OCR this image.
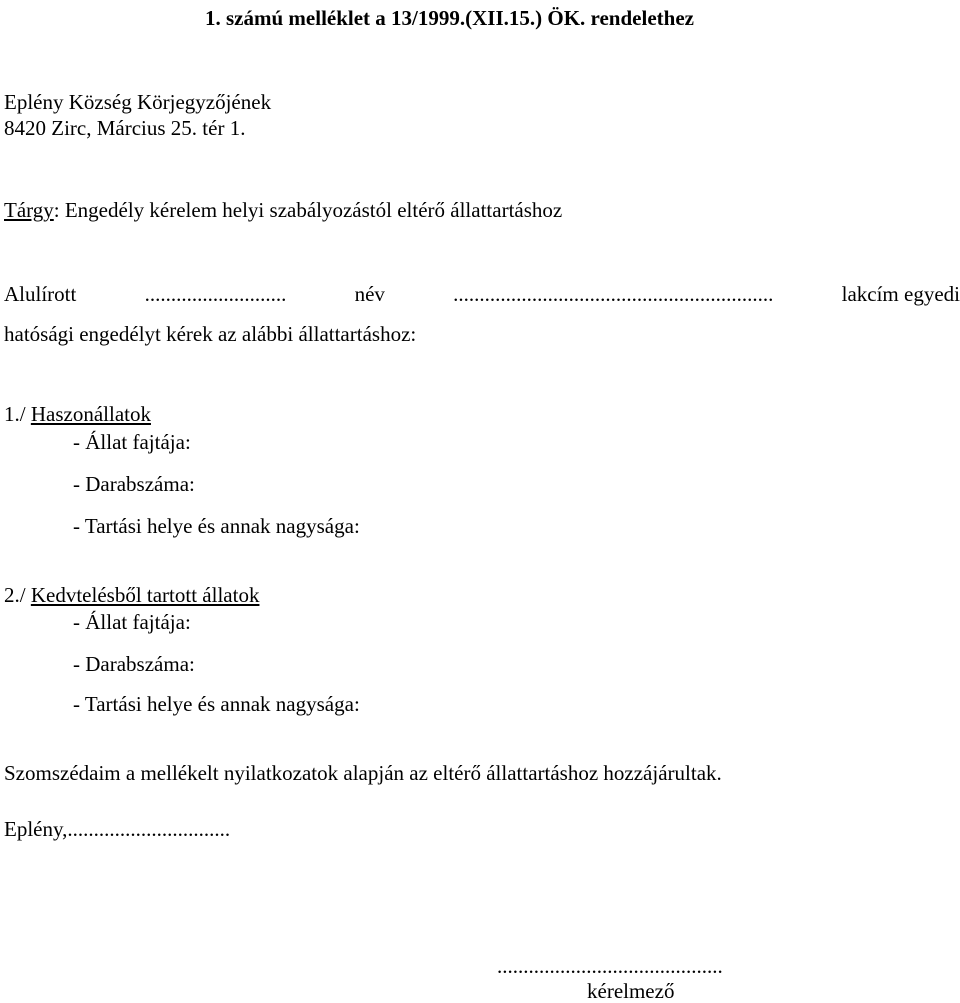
1. számú melléklet a 13/1999.(XII.15.) ÖK. rendelethez
Eplény Község Körjegyzőjének
8420 Zirc, Március 25. tér 1.
Tárgy: Engedély kérelem helyi szabályozástól eltérő állattartáshoz
Alulírott	...........................	név	.............................................................	lakcím egyedi
hatósági engedélyt kérek az alábbi állattartáshoz:
1./ Haszonállatok
- Állat fajtája:
- Darabszáma:
- Tartási helye és annak nagysága:
2./ Kedvtelésből tartott állatok
- Állat fajtája:
- Darabszáma:
- Tartási helye és annak nagysága:
Szomszédaim a mellékelt nyilatkozatok alapján az eltérő állattartáshoz hozzájárultak.
Eplény,...............................
...........................................
kérelmező
